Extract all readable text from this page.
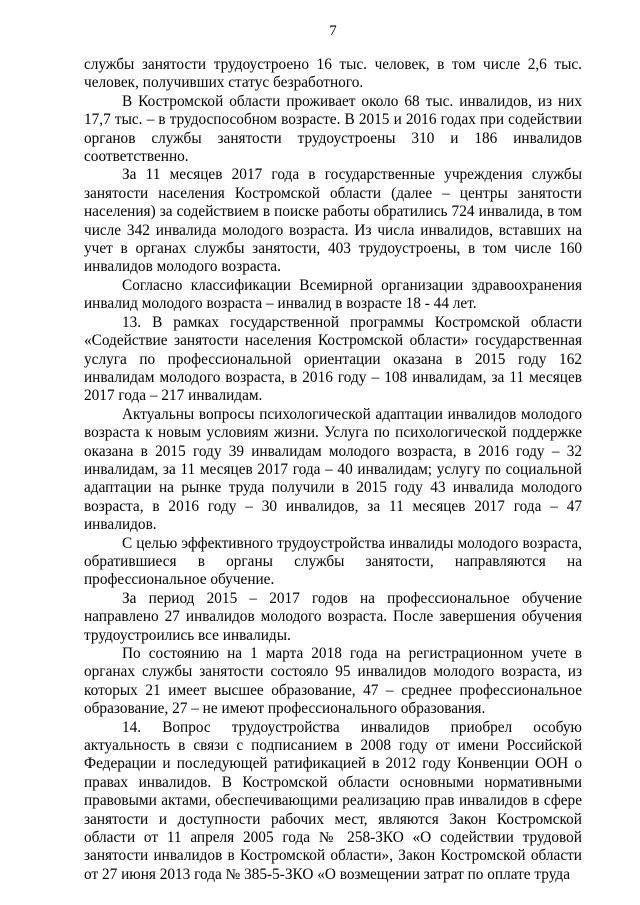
7

службы занятости трудоустроено 16 тыс. человек, в том числе 2,6 тыс. человек, получивших статус безработного.

В Костромской области проживает около 68 тыс. инвалидов, из них 17,7 тыс. – в трудоспособном возрасте. В 2015 и 2016 годах при содействии органов службы занятости трудоустроены 310 и 186 инвалидов соответственно.

За 11 месяцев 2017 года в государственные учреждения службы занятости населения Костромской области (далее – центры занятости населения) за содействием в поиске работы обратились 724 инвалида, в том числе 342 инвалида молодого возраста. Из числа инвалидов, вставших на учет в органах службы занятости, 403 трудоустроены, в том числе 160 инвалидов молодого возраста.

Согласно классификации Всемирной организации здравоохранения инвалид молодого возраста – инвалид в возрасте 18 - 44 лет.

13. В рамках государственной программы Костромской области «Содействие занятости населения Костромской области» государственная услуга по профессиональной ориентации оказана в 2015 году 162 инвалидам молодого возраста, в 2016 году – 108 инвалидам, за 11 месяцев 2017 года – 217 инвалидам.

Актуальны вопросы психологической адаптации инвалидов молодого возраста к новым условиям жизни. Услуга по психологической поддержке оказана в 2015 году 39 инвалидам молодого возраста, в 2016 году – 32 инвалидам, за 11 месяцев 2017 года – 40 инвалидам; услугу по социальной адаптации на рынке труда получили в 2015 году 43 инвалида молодого возраста, в 2016 году – 30 инвалидов, за 11 месяцев 2017 года – 47 инвалидов.

С целью эффективного трудоустройства инвалиды молодого возраста, обратившиеся в органы службы занятости, направляются на профессиональное обучение.

За период 2015 – 2017 годов на профессиональное обучение направлено 27 инвалидов молодого возраста. После завершения обучения трудоустроились все инвалиды.

По состоянию на 1 марта 2018 года на регистрационном учете в органах службы занятости состояло 95 инвалидов молодого возраста, из которых 21 имеет высшее образование, 47 – среднее профессиональное образование, 27 – не имеют профессионального образования.

14. Вопрос трудоустройства инвалидов приобрел особую актуальность в связи с подписанием в 2008 году от имени Российской Федерации и последующей ратификацией в 2012 году Конвенции ООН о правах инвалидов. В Костромской области основными нормативными правовыми актами, обеспечивающими реализацию прав инвалидов в сфере занятости и доступности рабочих мест, являются Закон Костромской области от 11 апреля 2005 года № 258-ЗКО «О содействии трудовой занятости инвалидов в Костромской области», Закон Костромской области от 27 июня 2013 года № 385-5-ЗКО «О возмещении затрат по оплате труда
